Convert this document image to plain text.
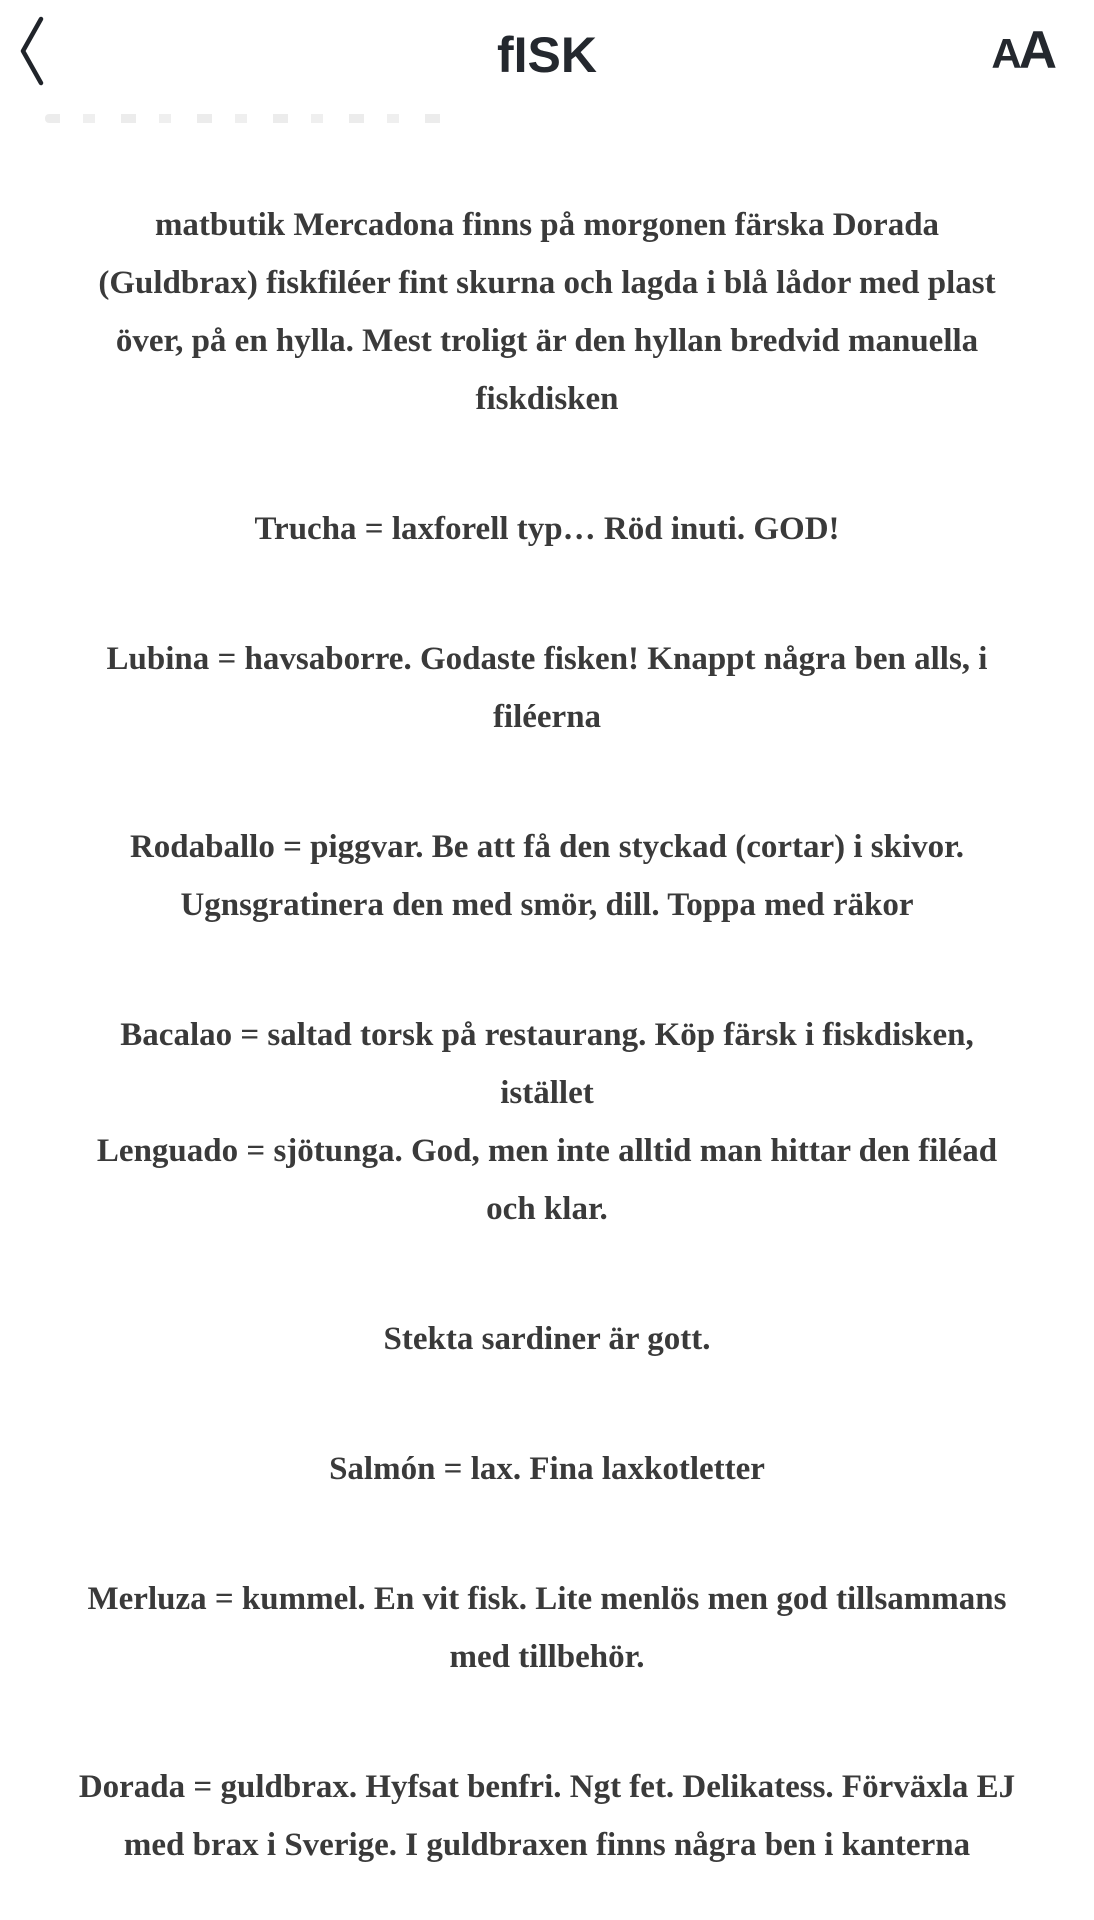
fISK	AA
matbutik Mercadona finns på morgonen färska Dorada
(Guldbrax) fiskfiléer fint skurna och lagda i blå lådor med plast
över, på en hylla. Mest troligt är den hyllan bredvid manuella
fiskdisken
Trucha = laxforell typ… Röd inuti. GOD!
Lubina = havsaborre. Godaste fisken! Knappt några ben alls, i
filéerna
Rodaballo = piggvar. Be att få den styckad (cortar) i skivor.
Ugnsgratinera den med smör, dill. Toppa med räkor
Bacalao = saltad torsk på restaurang. Köp färsk i fiskdisken,
istället
Lenguado = sjötunga. God, men inte alltid man hittar den filéad
och klar.
Stekta sardiner är gott.
Salmón = lax. Fina laxkotletter
Merluza = kummel. En vit fisk. Lite menlös men god tillsammans
med tillbehör.
Dorada = guldbrax. Hyfsat benfri. Ngt fet. Delikatess. Förväxla EJ
med brax i Sverige. I guldbraxen finns några ben i kanterna
